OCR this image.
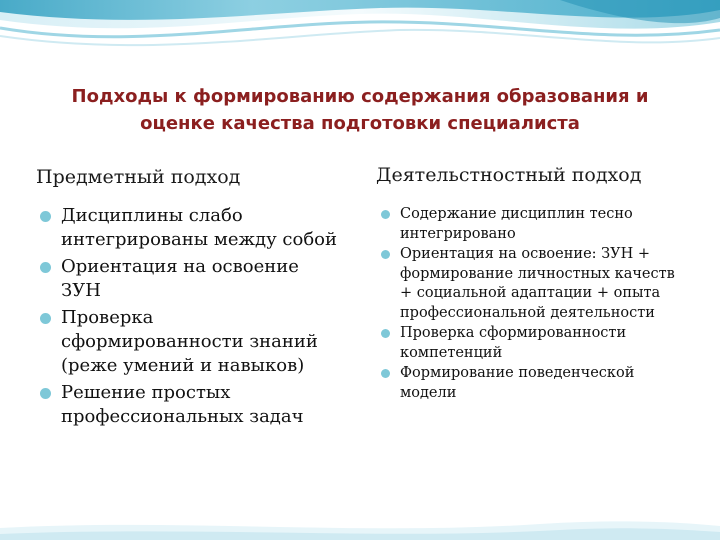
Подходы к формированию содержания образования и оценке качества подготовки специалиста
Предметный подход	Деятельстностный подход
Дисциплины слабо интегрированы между собой
Ориентация на освоение ЗУН
Проверка сформированности знаний (реже умений и навыков)
Решение простых профессиональных задач
Содержание дисциплин тесно интегрировано
Ориентация на освоение: ЗУН + формирование личностных качеств + социальной адаптации + опыта профессиональной деятельности
Проверка сформированности компетенций
Формирование поведенческой модели
